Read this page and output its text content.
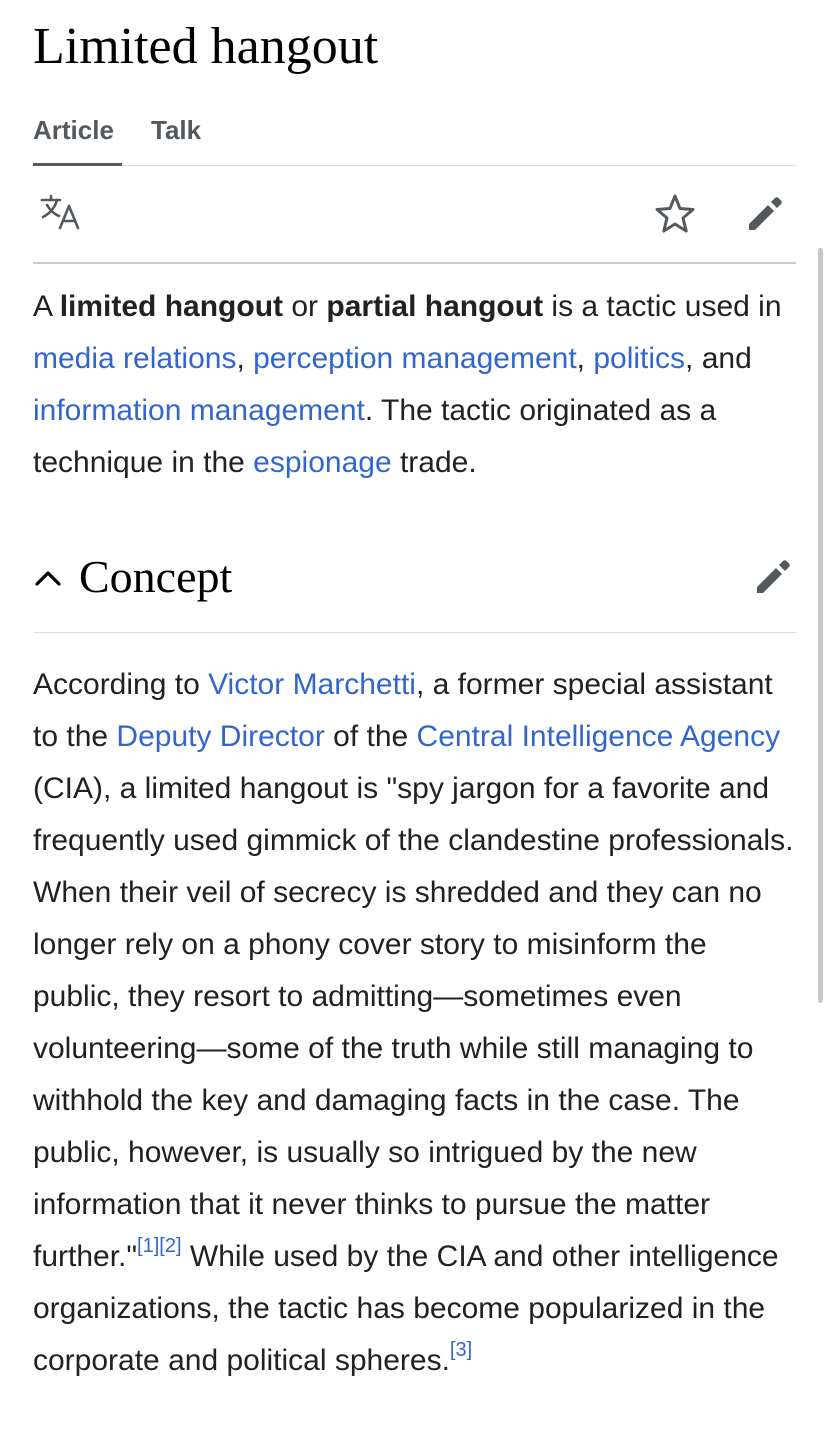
Limited hangout
Article	Talk

A limited hangout or partial hangout is a tactic used in media relations, perception management, politics, and information management. The tactic originated as a technique in the espionage trade.

Concept

According to Victor Marchetti, a former special assistant to the Deputy Director of the Central Intelligence Agency (CIA), a limited hangout is "spy jargon for a favorite and frequently used gimmick of the clandestine professionals. When their veil of secrecy is shredded and they can no longer rely on a phony cover story to misinform the public, they resort to admitting—sometimes even volunteering—some of the truth while still managing to withhold the key and damaging facts in the case. The public, however, is usually so intrigued by the new information that it never thinks to pursue the matter further."[1][2] While used by the CIA and other intelligence organizations, the tactic has become popularized in the corporate and political spheres.[3]
